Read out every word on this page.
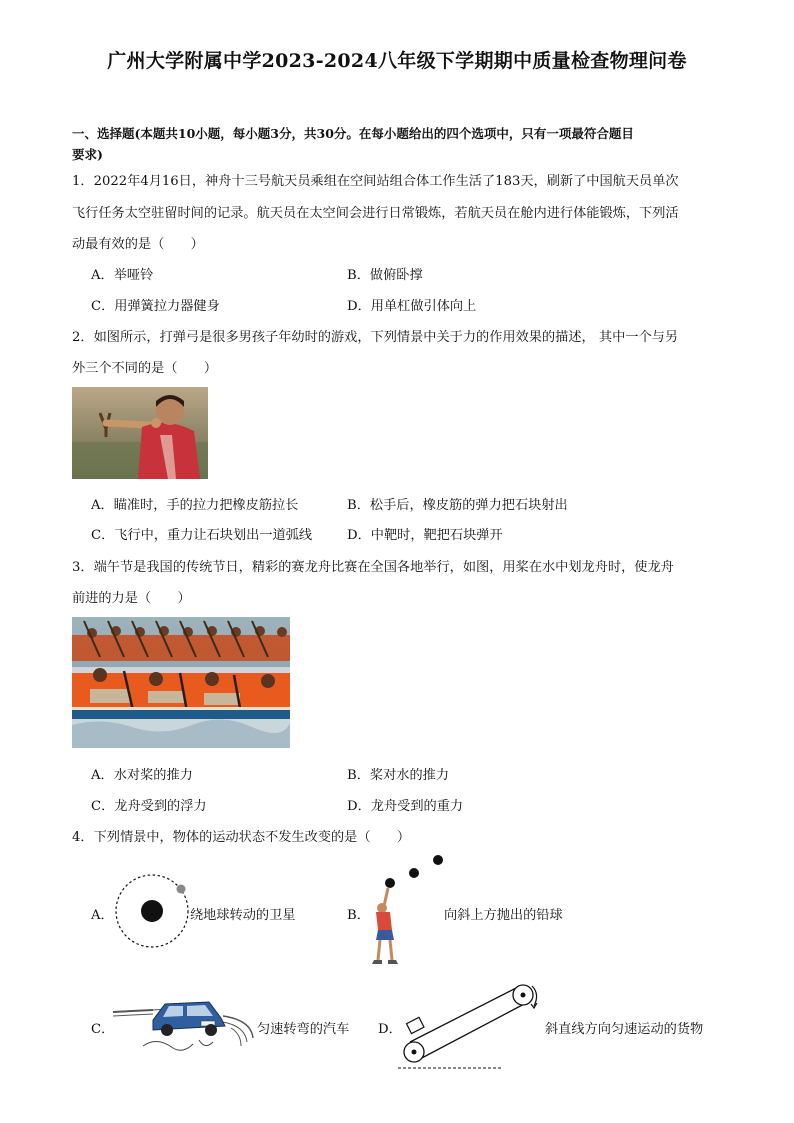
广州大学附属中学2023-2024八年级下学期期中质量检查物理问卷
一、选择题(本题共10小题，每小题3分，共30分。在每小题给出的四个选项中，只有一项最符合题目
要求)
1．2022年4月16日，神舟十三号航天员乘组在空间站组合体工作生活了183天，刷新了中国航天员单次
飞行任务太空驻留时间的记录。航天员在太空间会进行日常锻炼，若航天员在舱内进行体能锻炼，下列活
动最有效的是（　　）
A．举哑铃	B．做俯卧撑
C．用弹簧拉力器健身	D．用单杠做引体向上
2．如图所示，打弹弓是很多男孩子年幼时的游戏，下列情景中关于力的作用效果的描述， 其中一个与另
外三个不同的是（　　）
A．瞄准时，手的拉力把橡皮筋拉长	B．松手后，橡皮筋的弹力把石块射出
C．飞行中，重力让石块划出一道弧线	D．中靶时，靶把石块弹开
3．端午节是我国的传统节日，精彩的赛龙舟比赛在全国各地举行，如图，用桨在水中划龙舟时，使龙舟
前进的力是（　　）
A．水对桨的推力	B．桨对水的推力
C．龙舟受到的浮力	D．龙舟受到的重力
4．下列情景中，物体的运动状态不发生改变的是（　　）
A．	绕地球转动的卫星	B．	向斜上方抛出的铅球
C．	匀速转弯的汽车 D．	斜直线方向匀速运动的货物
